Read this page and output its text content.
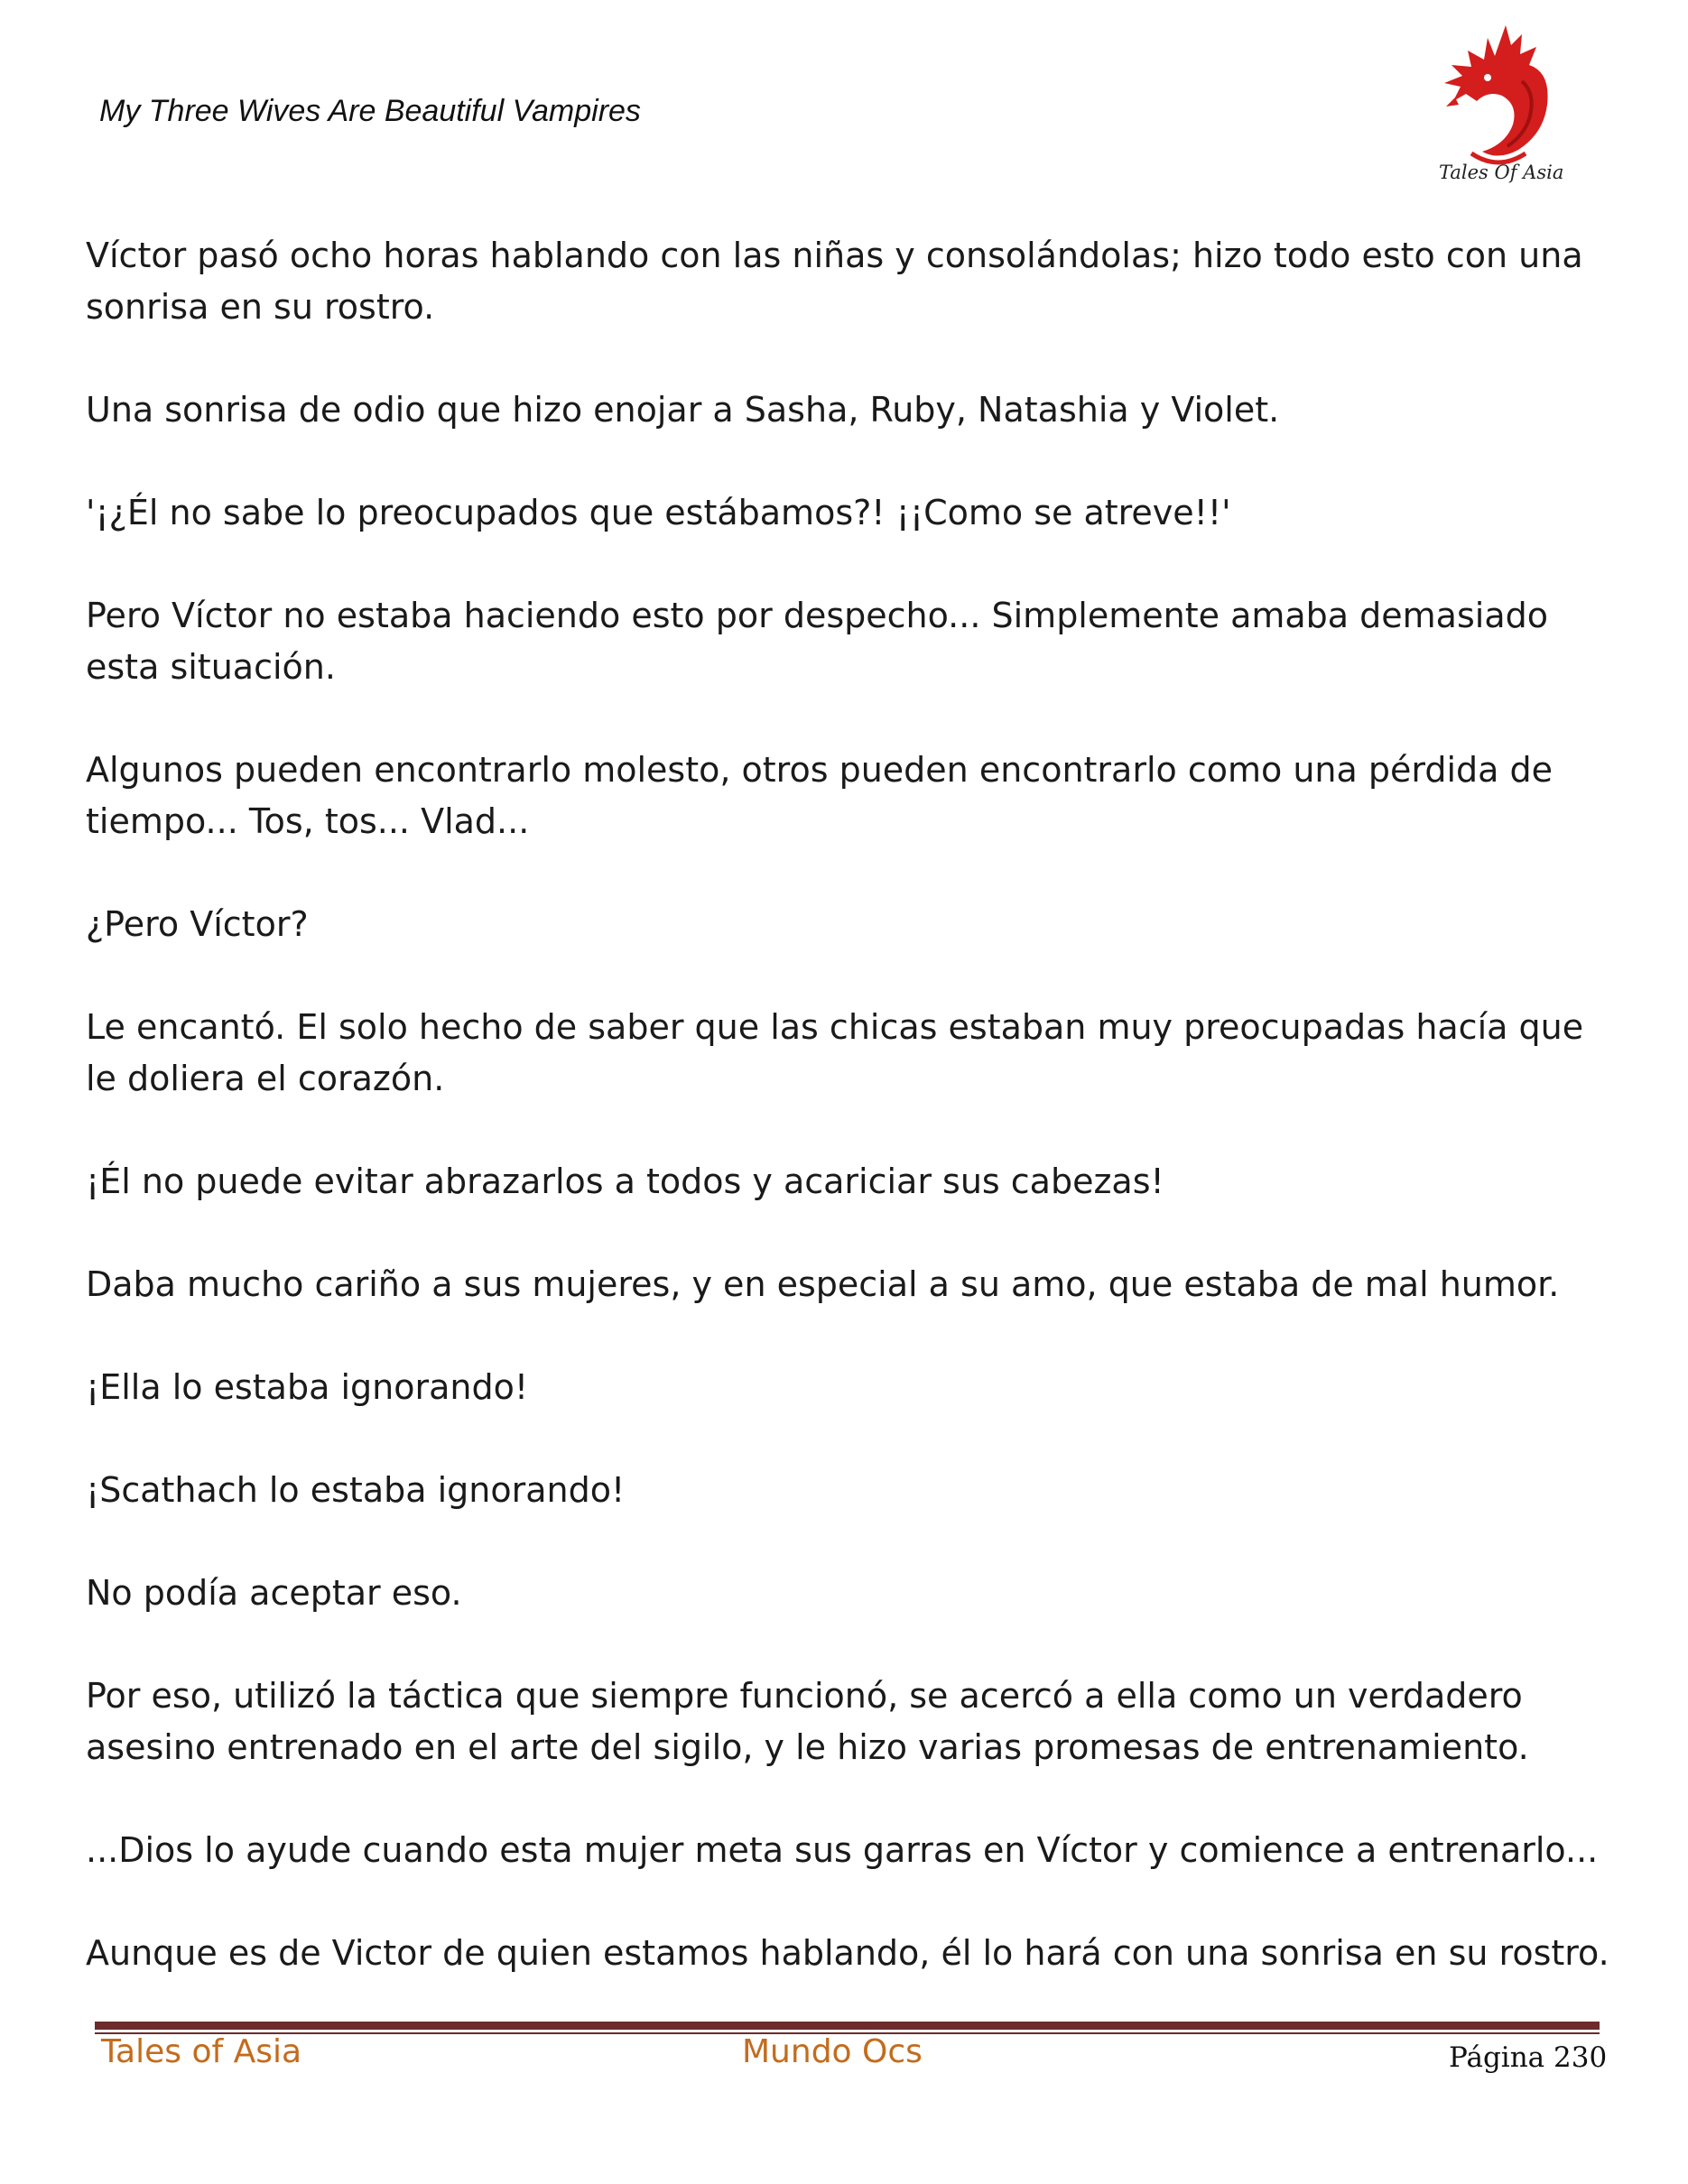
My Three Wives Are Beautiful Vampires
Tales Of Asia

Víctor pasó ocho horas hablando con las niñas y consolándolas; hizo todo esto con una sonrisa en su rostro.

Una sonrisa de odio que hizo enojar a Sasha, Ruby, Natashia y Violet.

'¡¿Él no sabe lo preocupados que estábamos?! ¡¡Como se atreve!!'

Pero Víctor no estaba haciendo esto por despecho... Simplemente amaba demasiado esta situación.

Algunos pueden encontrarlo molesto, otros pueden encontrarlo como una pérdida de tiempo... Tos, tos... Vlad...

¿Pero Víctor?

Le encantó. El solo hecho de saber que las chicas estaban muy preocupadas hacía que le doliera el corazón.

¡Él no puede evitar abrazarlos a todos y acariciar sus cabezas!

Daba mucho cariño a sus mujeres, y en especial a su amo, que estaba de mal humor.

¡Ella lo estaba ignorando!

¡Scathach lo estaba ignorando!

No podía aceptar eso.

Por eso, utilizó la táctica que siempre funcionó, se acercó a ella como un verdadero asesino entrenado en el arte del sigilo, y le hizo varias promesas de entrenamiento.

...Dios lo ayude cuando esta mujer meta sus garras en Víctor y comience a entrenarlo...

Aunque es de Victor de quien estamos hablando, él lo hará con una sonrisa en su rostro.

Tales of Asia	Mundo Ocs	Página 230
